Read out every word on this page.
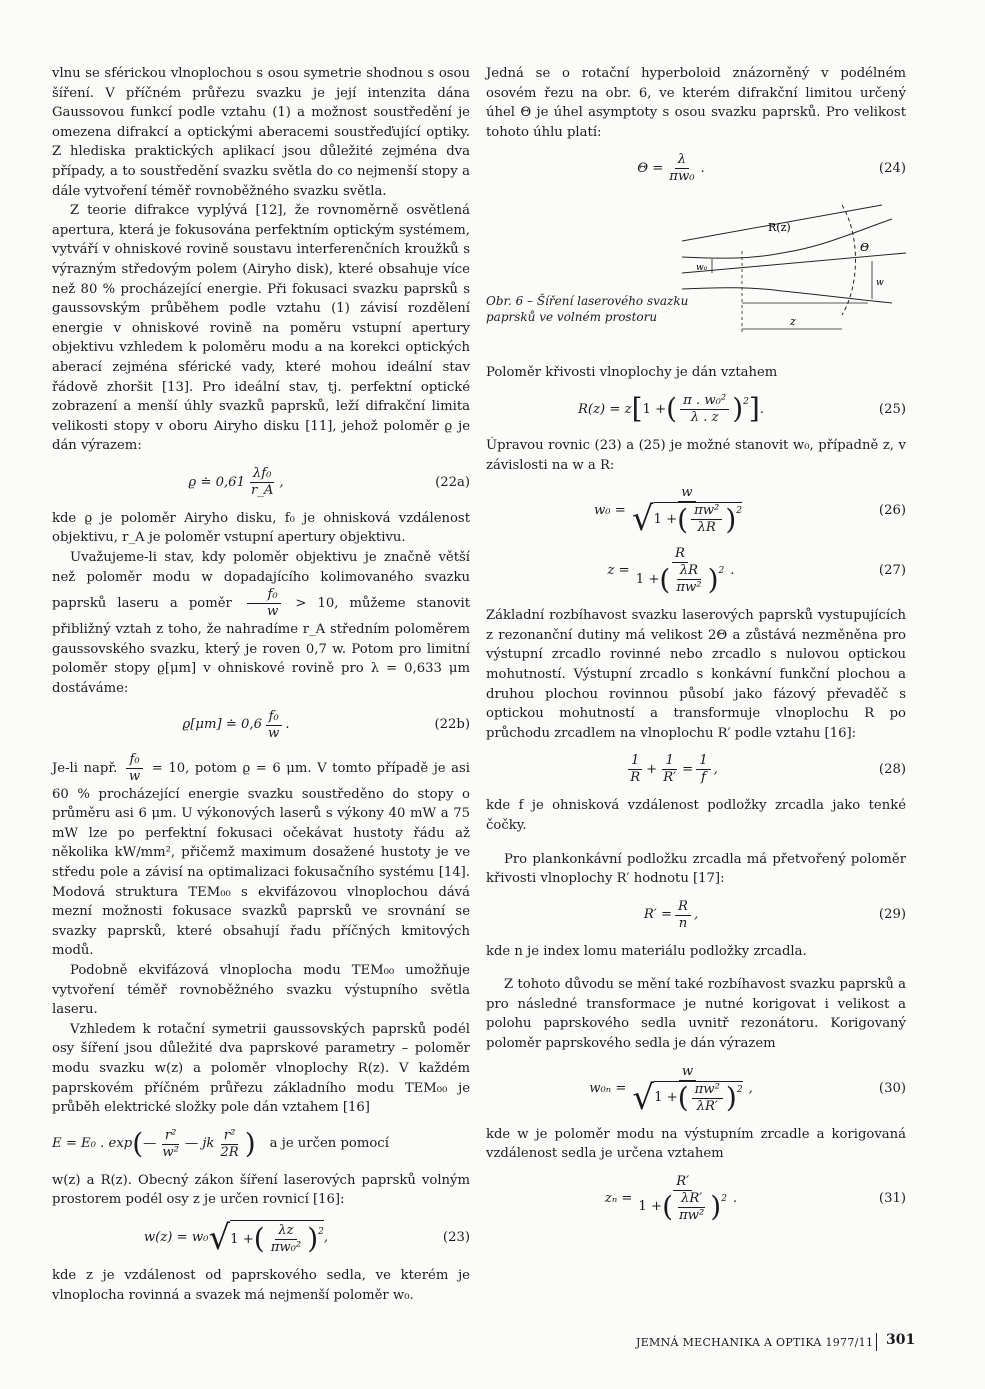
vlnu se sférickou vlnoplochou s osou symetrie shodnou s osou šíření. V příčném průřezu svazku je její intenzita dána Gaussovou funkcí podle vztahu (1) a možnost soustředění je omezena difrakcí a optickými aberacemi soustřeďující optiky. Z hlediska praktických aplikací jsou důležité zejména dva případy, a to soustředění svazku světla do co nejmenší stopy a dále vytvoření téměř rovnoběžného svazku světla.

Z teorie difrakce vyplývá [12], že rovnoměrně osvětlená apertura, která je fokusována perfektním optickým systémem, vytváří v ohniskové rovině soustavu interferenčních kroužků s výrazným středovým polem (Airyho disk), které obsahuje více než 80 % procházející energie. Při fokusaci svazku paprsků s gaussovským průběhem podle vztahu (1) závisí rozdělení energie v ohniskové rovině na poměru vstupní apertury objektivu vzhledem k poloměru modu a na korekci optických aberací zejména sférické vady, které mohou ideální stav řádově zhoršit [13]. Pro ideální stav, tj. perfektní optické zobrazení a menší úhly svazků paprsků, leží difrakční limita velikosti stopy v oboru Airyho disku [11], jehož poloměr ϱ je dán výrazem:

ϱ ≐ $0,61 \frac{\text{λf₀}}{r\_A}$ ,	(22a)

kde ϱ je poloměr Airyho disku, f₀ je ohnisková vzdálenost objektivu, r_A je poloměr vstupní apertury objektivu.

Uvažujeme-li stav, kdy poloměr objektivu je značně větší než poloměr modu w dopadajícího kolimovaného svazku paprsků laseru a poměr $\frac{\text{f₀}}{w} > 10$, můžeme stanovit přibližný vztah z toho, že nahradíme r_A středním poloměrem gaussovského svazku, který je roven 0,7 w. Potom pro limitní poloměr stopy ϱ[μm] v ohniskové rovině pro λ = 0,633 μm dostáváme:

ϱ[μm] ≐ $0,6 \frac{\text{f₀}}{w}$ .	(22b)

Je-li např. $\frac{\text{f₀}}{w} = 10$, potom ϱ = 6 μm. V tomto případě je asi 60 % procházející energie svazku soustředěno do stopy o průměru asi 6 μm. U výkonových laserů s výkony 40 mW a 75 mW lze po perfektní fokusaci očekávat hustoty řádu až několika kW/mm², přičemž maximum dosažené hustoty je ve středu pole a závisí na optimalizaci fokusačního systému [14]. Modová struktura TEM₀₀ s ekvifázovou vlnoplochou dává mezní možnosti fokusace svazků paprsků ve srovnání se svazky paprsků, které obsahují řadu příčných kmitových modů.

Podobně ekvifázová vlnoplocha modu TEM₀₀ umožňuje vytvoření téměř rovnoběžného svazku výstupního světla laseru.

Vzhledem k rotační symetrii gaussovských paprsků podél osy šíření jsou důležité dva paprskové parametry – poloměr modu svazku w(z) a poloměr vlnoplochy R(z). V každém paprskovém příčném průřezu základního modu TEM₀₀ je průběh elektrické složky pole dán vztahem [16]

E = E₀ . exp ( — $\frac{\text{r²}}{\text{w²}}$ — jk $\frac{\text{r²}}{2R}$ ) a je určen pomocí

w(z) a R(z). Obecný zákon šíření laserových paprsků volným prostorem podél osy z je určen rovnicí [16]:

w(z) = w₀ √ 1 + ( $\frac{\lambda z}{\text{πw₀²}} )^2$ ,	(23)

kde z je vzdálenost od paprskového sedla, ve kterém je vlnoplocha rovinná a svazek má nejmenší poloměr w₀.

Jedná se o rotační hyperboloid znázorněný v podélném osovém řezu na obr. 6, ve kterém difrakční limitou určený úhel Θ je úhel asymptoty s osou svazku paprsků. Pro velikost tohoto úhlu platí:

$\Theta = \frac{\lambda}{\text{πw₀}}$ .	(24)
R(z)
Θ
w₀
w
z
Obr. 6 – Šíření laserového svazku paprsků ve volném prostoru

Poloměr křivosti vlnoplochy je dán vztahem

R(z) = z [ 1 + ( $\frac{\text{π . w₀²}}{\lambda . z} )^2$ ] .	(25)

Úpravou rovnic (23) a (25) je možné stanovit w₀, případně z, v závislosti na w a R:

$w_0 = \frac{w}{√ 1 + ( \frac{\text{πw²}}{\lambda R} )^2}$	(26)
$z = \frac{R}{1 + ( \frac{\lambda R}{\text{πw²}} )^2}$ .	(27)

Základní rozbíhavost svazku laserových paprsků vystupujících z rezonanční dutiny má velikost 2Θ a zůstává nezměněna pro výstupní zrcadlo rovinné nebo zrcadlo s nulovou optickou mohutností. Výstupní zrcadlo s konkávní funkční plochou a druhou plochou rovinnou působí jako fázový převaděč s optickou mohutností a transformuje vlnoplochu R po průchodu zrcadlem na vlnoplochu R′ podle vztahu [16]:

$\frac{1}{R} + \frac{1}{R'} = \frac{1}{f}$ ,	(28)

kde f je ohnisková vzdálenost podložky zrcadla jako tenké čočky.

Pro plankonkávní podložku zrcadla má přetvořený poloměr křivosti vlnoplochy R′ hodnotu [17]:

$R' = \frac{R}{n}$ ,	(29)

kde n je index lomu materiálu podložky zrcadla.

Z tohoto důvodu se mění také rozbíhavost svazku paprsků a pro následné transformace je nutné korigovat i velikost a polohu paprskového sedla uvnitř rezonátoru. Korigovaný poloměr paprskového sedla je dán výrazem

$w_{0n} = \frac{w}{√ 1 + ( \frac{\text{πw²}}{\lambda R'} )^2}$ ,	(30)

kde w je poloměr modu na výstupním zrcadle a korigovaná vzdálenost sedla je určena vztahem

$z_n = \frac{R'}{1 + ( \frac{\lambda R'}{\text{πw²}} )^2}$ .	(31)
JEMNÁ MECHANIKA A OPTIKA 1977/11 301
